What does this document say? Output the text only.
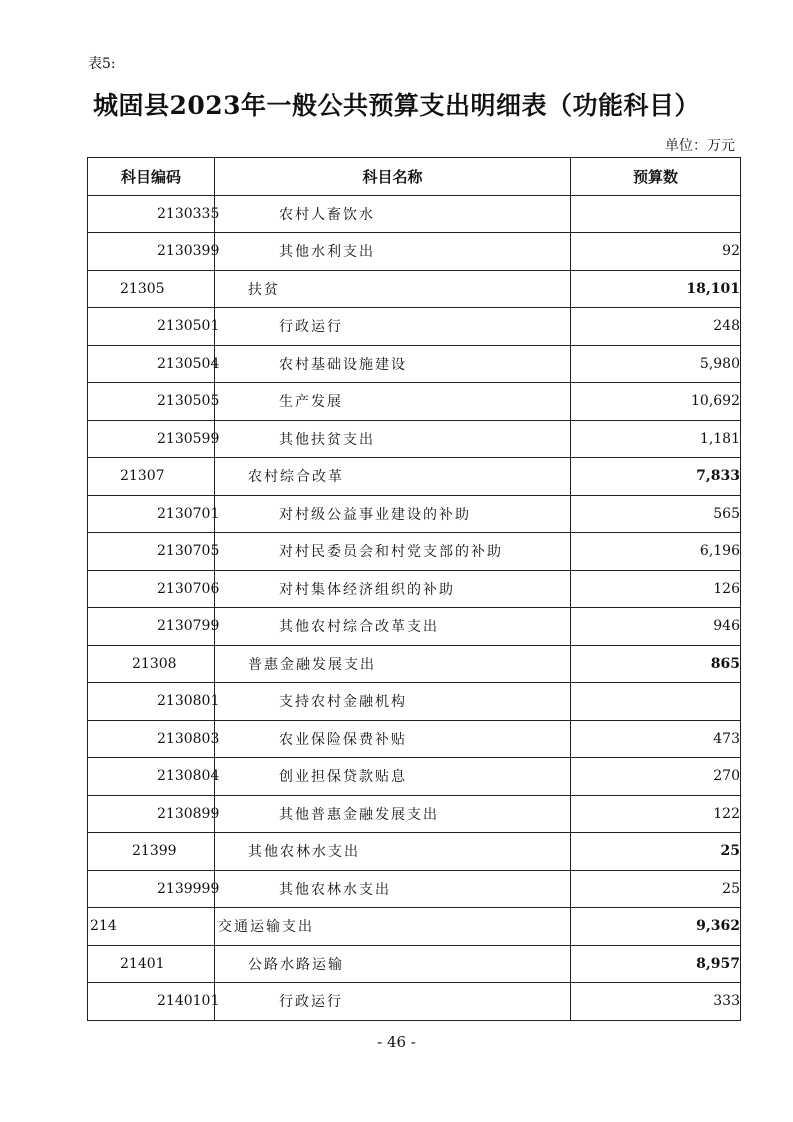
表5:
城固县2023年一般公共预算支出明细表（功能科目）
单位：万元
科目编码	科目名称	预算数
2130335	农村人畜饮水	
2130399	其他水利支出	92
21305	扶贫	18,101
2130501	行政运行	248
2130504	农村基础设施建设	5,980
2130505	生产发展	10,692
2130599	其他扶贫支出	1,181
21307	农村综合改革	7,833
2130701	对村级公益事业建设的补助	565
2130705	对村民委员会和村党支部的补助	6,196
2130706	对村集体经济组织的补助	126
2130799	其他农村综合改革支出	946
21308	普惠金融发展支出	865
2130801	支持农村金融机构	
2130803	农业保险保费补贴	473
2130804	创业担保贷款贴息	270
2130899	其他普惠金融发展支出	122
21399	其他农林水支出	25
2139999	其他农林水支出	25
214	交通运输支出	9,362
21401	公路水路运输	8,957
2140101	行政运行	333
- 46 -
